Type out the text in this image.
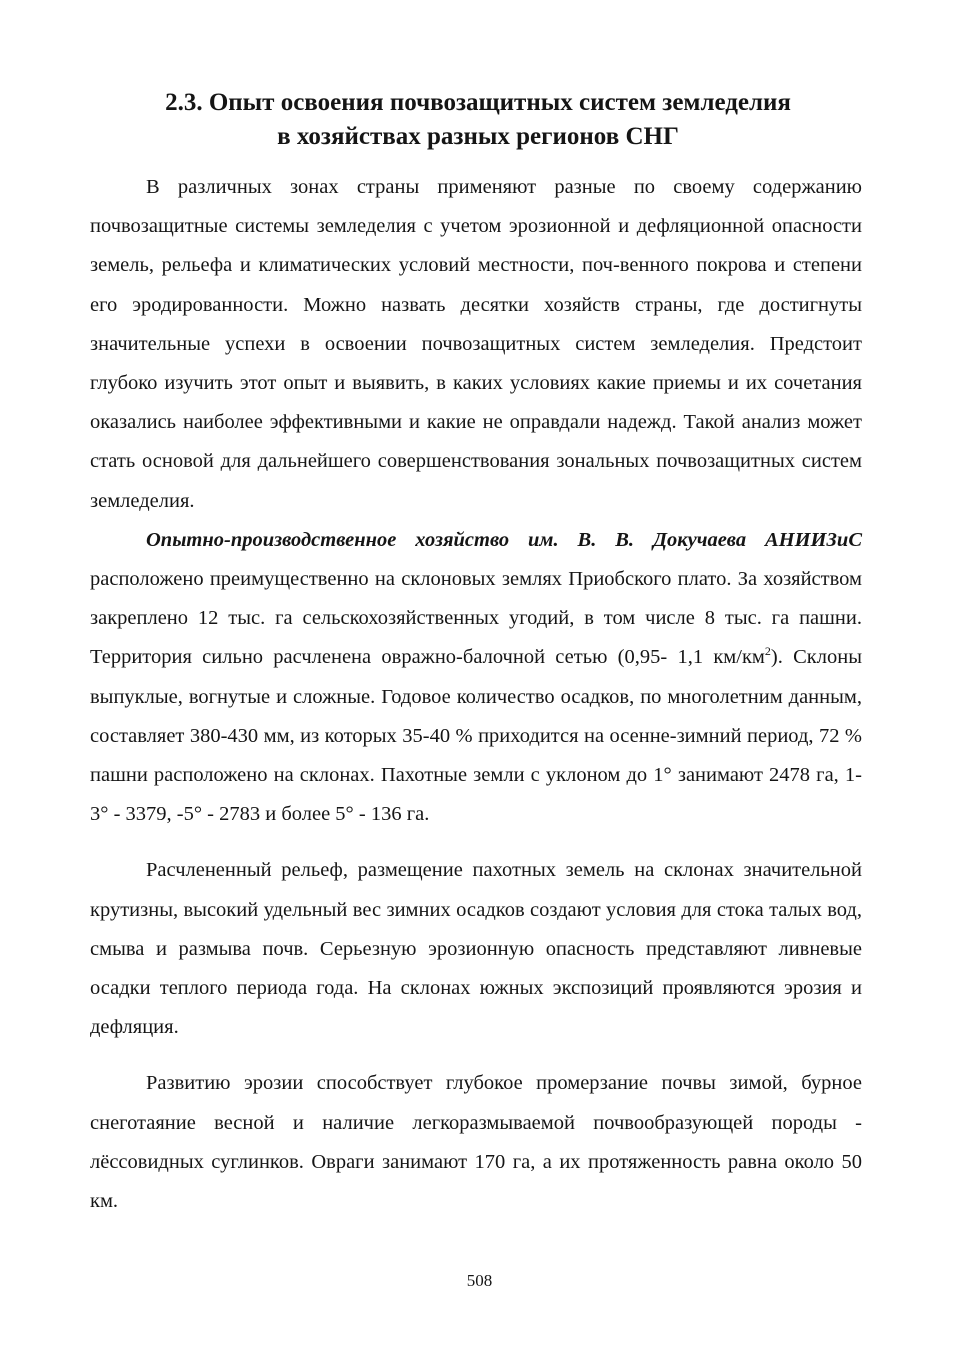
2.3. Опыт освоения почвозащитных систем земледелия
в хозяйствах разных регионов СНГ

В различных зонах страны применяют разные по своему содержанию почвозащитные системы земледелия с учетом эрозионной и дефляционной опасности земель, рельефа и климатических условий местности, поч-венного покрова и степени его эродированности. Можно назвать десятки хозяйств страны, где достигнуты значительные успехи в освоении почвозащитных систем земледелия. Предстоит глубоко изучить этот опыт и выявить, в каких условиях какие приемы и их сочетания оказались наиболее эффективными и какие не оправдали надежд. Такой анализ может стать основой для дальнейшего совершенствования зональных почвозащитных систем земледелия.

Опытно-производственное хозяйство им. В. В. Докучаева АНИИЗиС расположено преимущественно на склоновых землях Приобского плато. За хозяйством закреплено 12 тыс. га сельскохозяйственных угодий, в том числе 8 тыс. га пашни. Территория сильно расчленена овражно-балочной сетью (0,95- 1,1 $км/км^2$). Склоны выпуклые, вогнутые и сложные. Годовое количество осадков, по многолетним данным, составляет 380-430 мм, из которых 35-40 % приходится на осенне-зимний период, 72 % пашни расположено на склонах. Пахотные земли с уклоном до 1° занимают 2478 га, 1-3° - 3379, -5° - 2783 и более 5° - 136 га.

Расчлененный рельеф, размещение пахотных земель на склонах значительной крутизны, высокий удельный вес зимних осадков создают условия для стока талых вод, смыва и размыва почв. Серьезную эрозионную опасность представляют ливневые осадки теплого периода года. На склонах южных экспозиций проявляются эрозия и дефляция.

Развитию эрозии способствует глубокое промерзание почвы зимой, бурное снеготаяние весной и наличие легкоразмываемой почвообразующей породы - лёссовидных суглинков. Овраги занимают 170 га, а их протяженность равна около 50 км.

508
